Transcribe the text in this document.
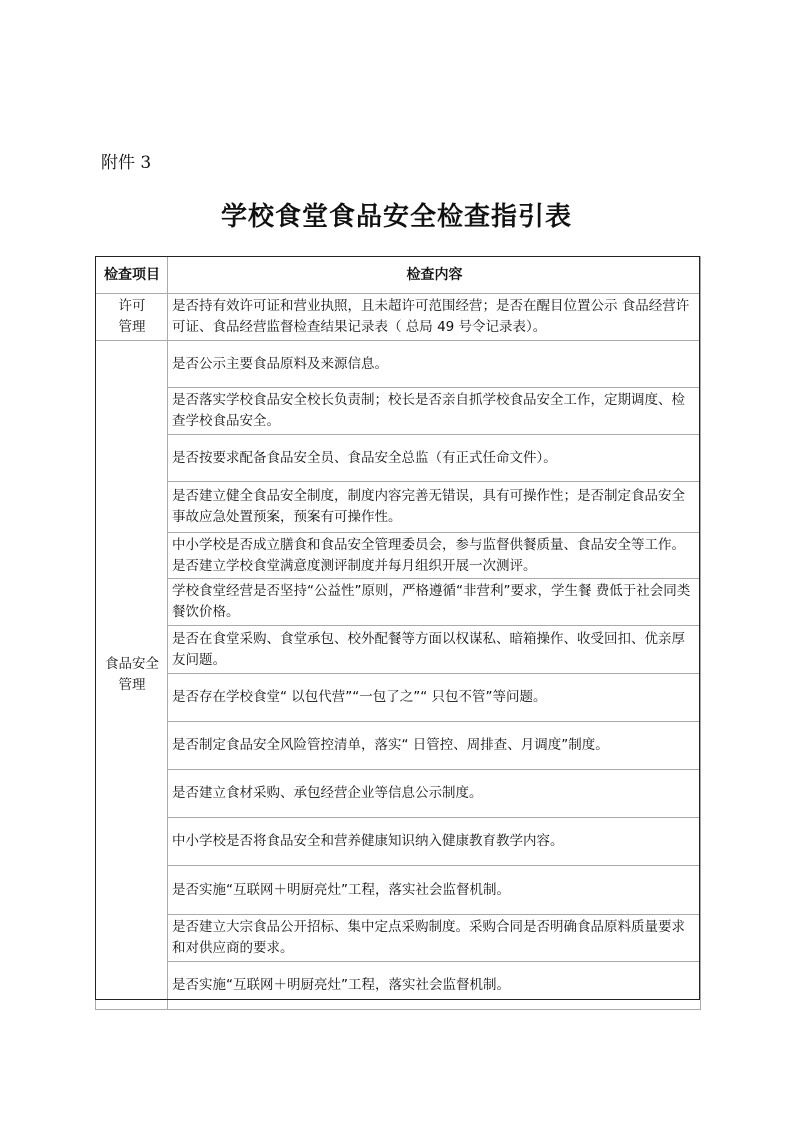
附件 3
学校食堂食品安全检查指引表
检查项目	检查内容

许可
管理	是否持有效许可证和营业执照，且未超许可范围经营；是否在醒目位置公示 食品经营许可证、食品经营监督检查结果记录表（ 总局 49 号令记录表）。

食品安全
管理	是否公示主要食品原料及来源信息。
	是否落实学校食品安全校长负责制；校长是否亲自抓学校食品安全工作，定期调度、检查学校食品安全。
	是否按要求配备食品安全员、食品安全总监（有正式任命文件）。
	是否建立健全食品安全制度，制度内容完善无错误，具有可操作性；是否制定食品安全事故应急处置预案，预案有可操作性。
	中小学校是否成立膳食和食品安全管理委员会，参与监督供餐质量、食品安全等工作。是否建立学校食堂满意度测评制度并每月组织开展一次测评。
	学校食堂经营是否坚持“公益性”原则，严格遵循“非营利”要求，学生餐 费低于社会同类餐饮价格。
	是否在食堂采购、食堂承包、校外配餐等方面以权谋私、暗箱操作、收受回扣、优亲厚友问题。
	是否存在学校食堂“ 以包代营”“一包了之”“ 只包不管”等问题。
	是否制定食品安全风险管控清单，落实“ 日管控、周排查、月调度”制度。
	是否建立食材采购、承包经营企业等信息公示制度。
	中小学校是否将食品安全和营养健康知识纳入健康教育教学内容。
	是否实施“互联网＋明厨亮灶”工程，落实社会监督机制。
	是否建立大宗食品公开招标、集中定点采购制度。采购合同是否明确食品原料质量要求和对供应商的要求。
	是否实施“互联网＋明厨亮灶”工程，落实社会监督机制。
